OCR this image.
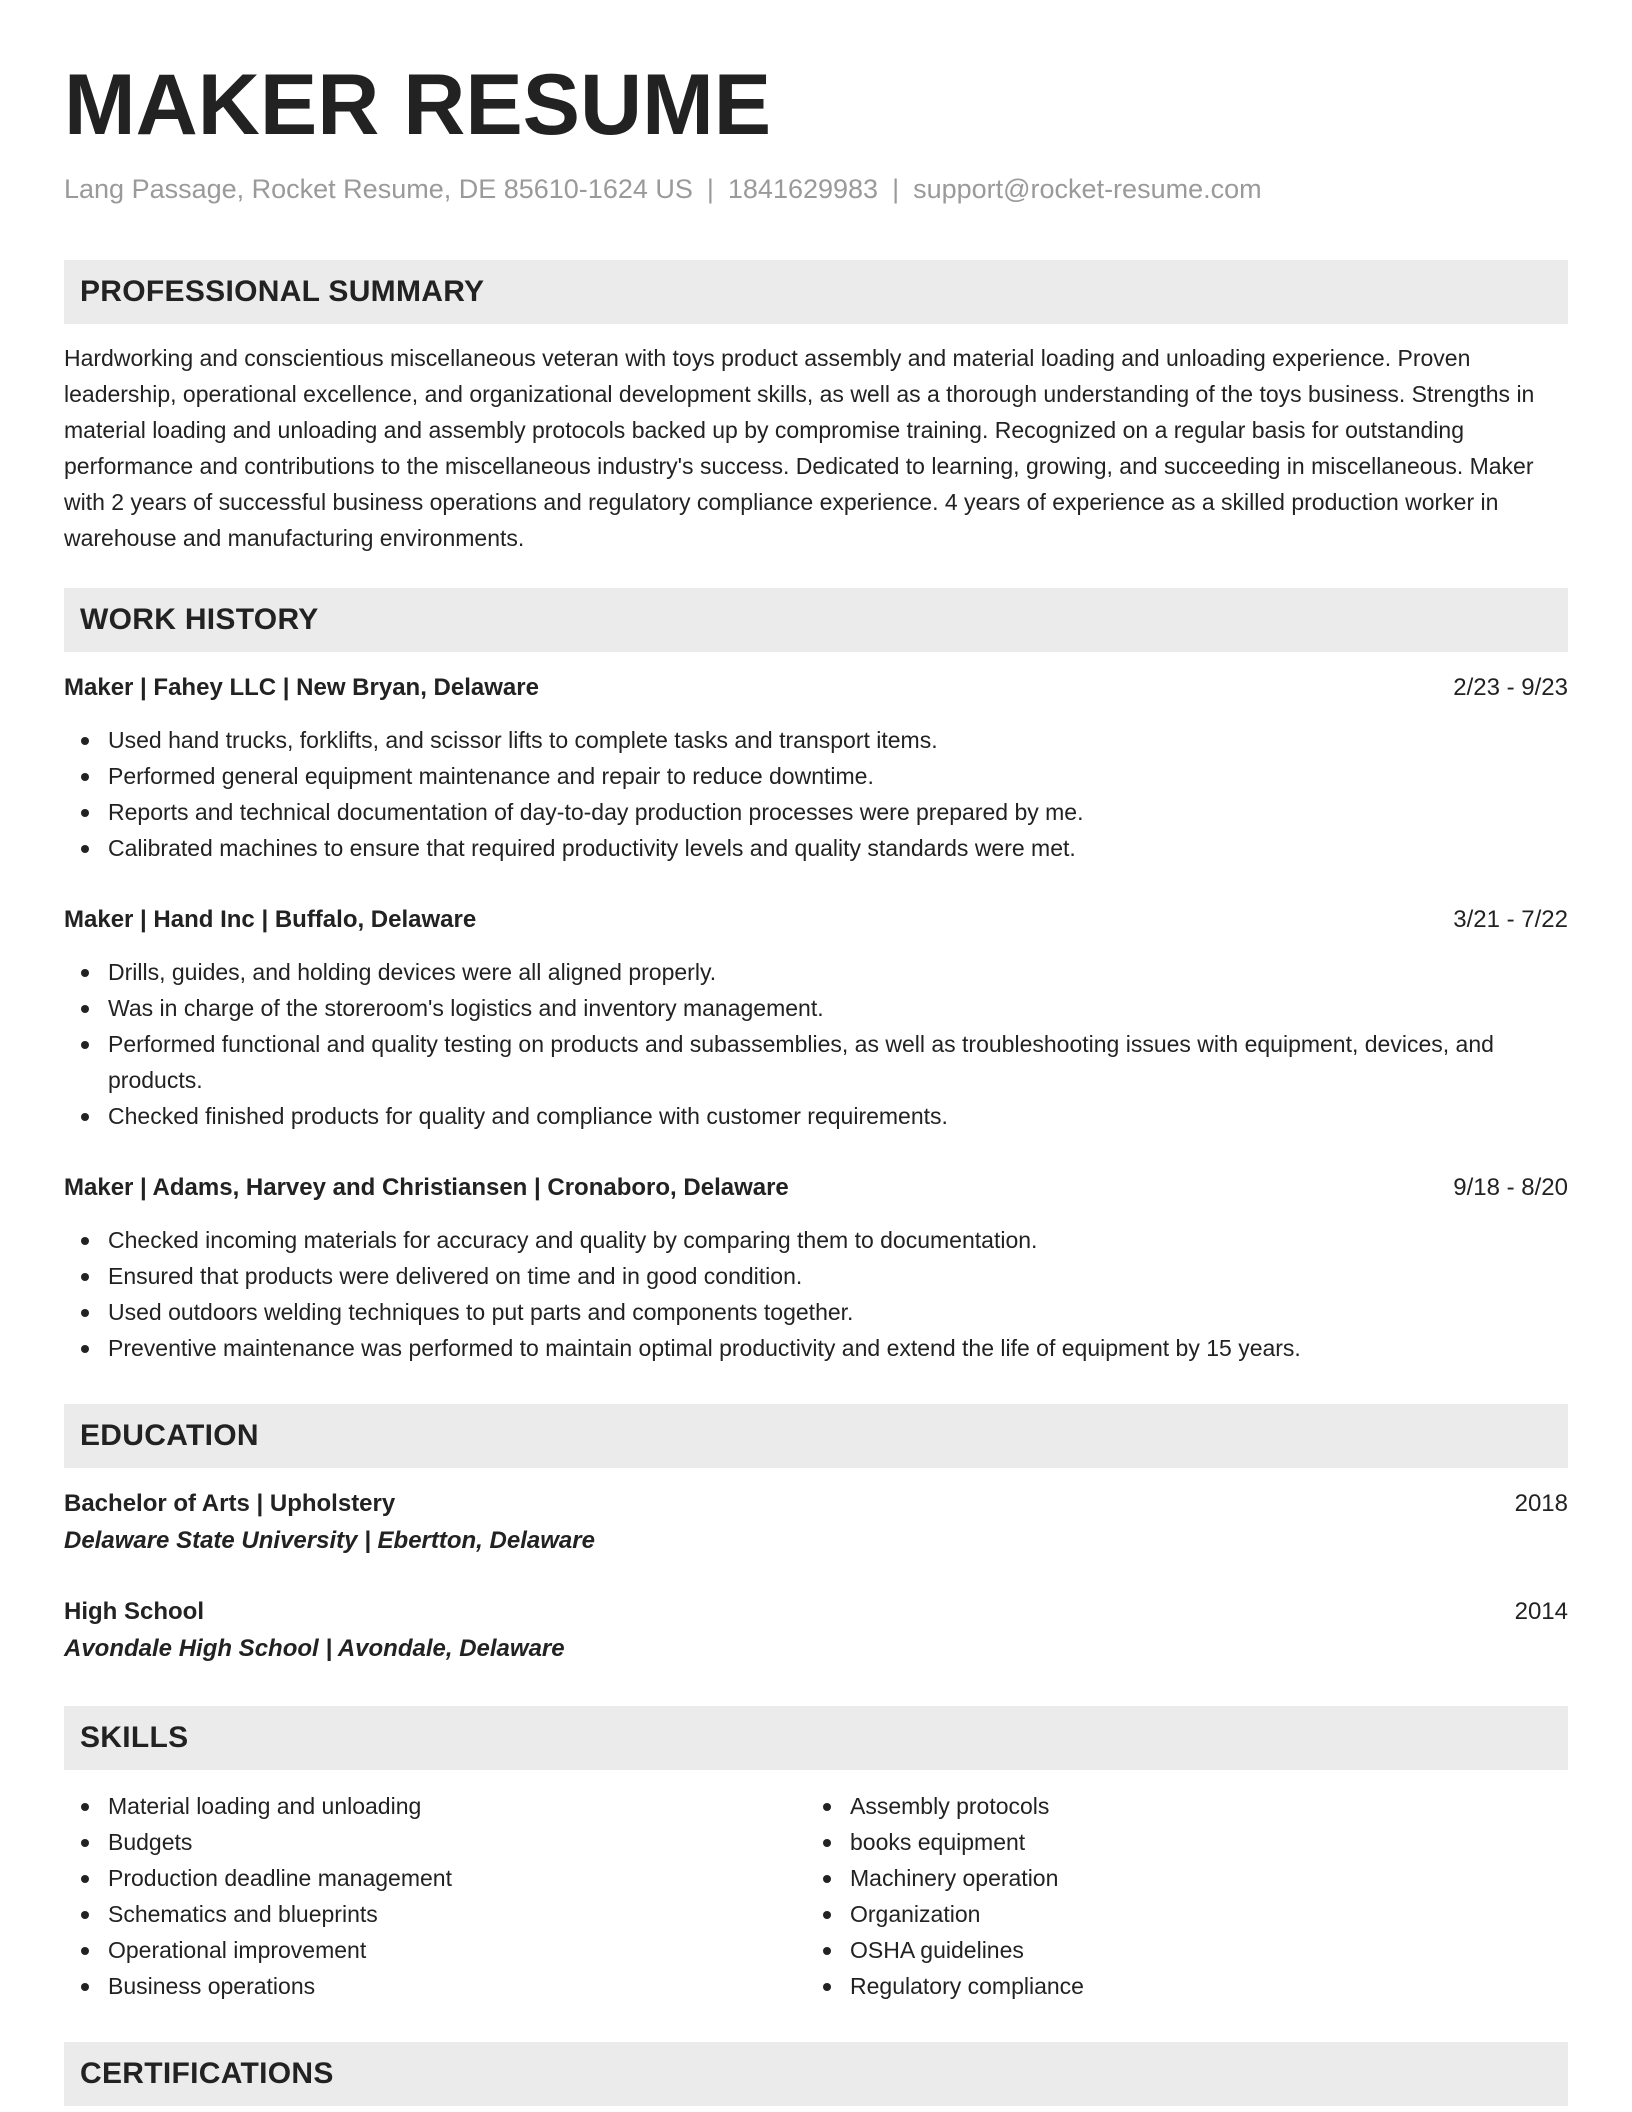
MAKER RESUME
Lang Passage, Rocket Resume, DE 85610-1624 US | 1841629983 | support@rocket-resume.com
PROFESSIONAL SUMMARY

Hardworking and conscientious miscellaneous veteran with toys product assembly and material loading and unloading experience. Proven leadership, operational excellence, and organizational development skills, as well as a thorough understanding of the toys business. Strengths in material loading and unloading and assembly protocols backed up by compromise training. Recognized on a regular basis for outstanding performance and contributions to the miscellaneous industry's success. Dedicated to learning, growing, and succeeding in miscellaneous. Maker with 2 years of successful business operations and regulatory compliance experience. 4 years of experience as a skilled production worker in warehouse and manufacturing environments.

WORK HISTORY
Maker | Fahey LLC | New Bryan, Delaware	2/23 - 9/23
Used hand trucks, forklifts, and scissor lifts to complete tasks and transport items.
Performed general equipment maintenance and repair to reduce downtime.
Reports and technical documentation of day-to-day production processes were prepared by me.
Calibrated machines to ensure that required productivity levels and quality standards were met.
Maker | Hand Inc | Buffalo, Delaware	3/21 - 7/22
Drills, guides, and holding devices were all aligned properly.
Was in charge of the storeroom's logistics and inventory management.
Performed functional and quality testing on products and subassemblies, as well as troubleshooting issues with equipment, devices, and products.
Checked finished products for quality and compliance with customer requirements.
Maker | Adams, Harvey and Christiansen | Cronaboro, Delaware	9/18 - 8/20
Checked incoming materials for accuracy and quality by comparing them to documentation.
Ensured that products were delivered on time and in good condition.
Used outdoors welding techniques to put parts and components together.
Preventive maintenance was performed to maintain optimal productivity and extend the life of equipment by 15 years.
EDUCATION
Bachelor of Arts | Upholstery	2018
Delaware State University | Ebertton, Delaware
High School	2014
Avondale High School | Avondale, Delaware
SKILLS
Material loading and unloading
Budgets
Production deadline management
Schematics and blueprints
Operational improvement
Business operations
Assembly protocols
books equipment
Machinery operation
Organization
OSHA guidelines
Regulatory compliance
CERTIFICATIONS
